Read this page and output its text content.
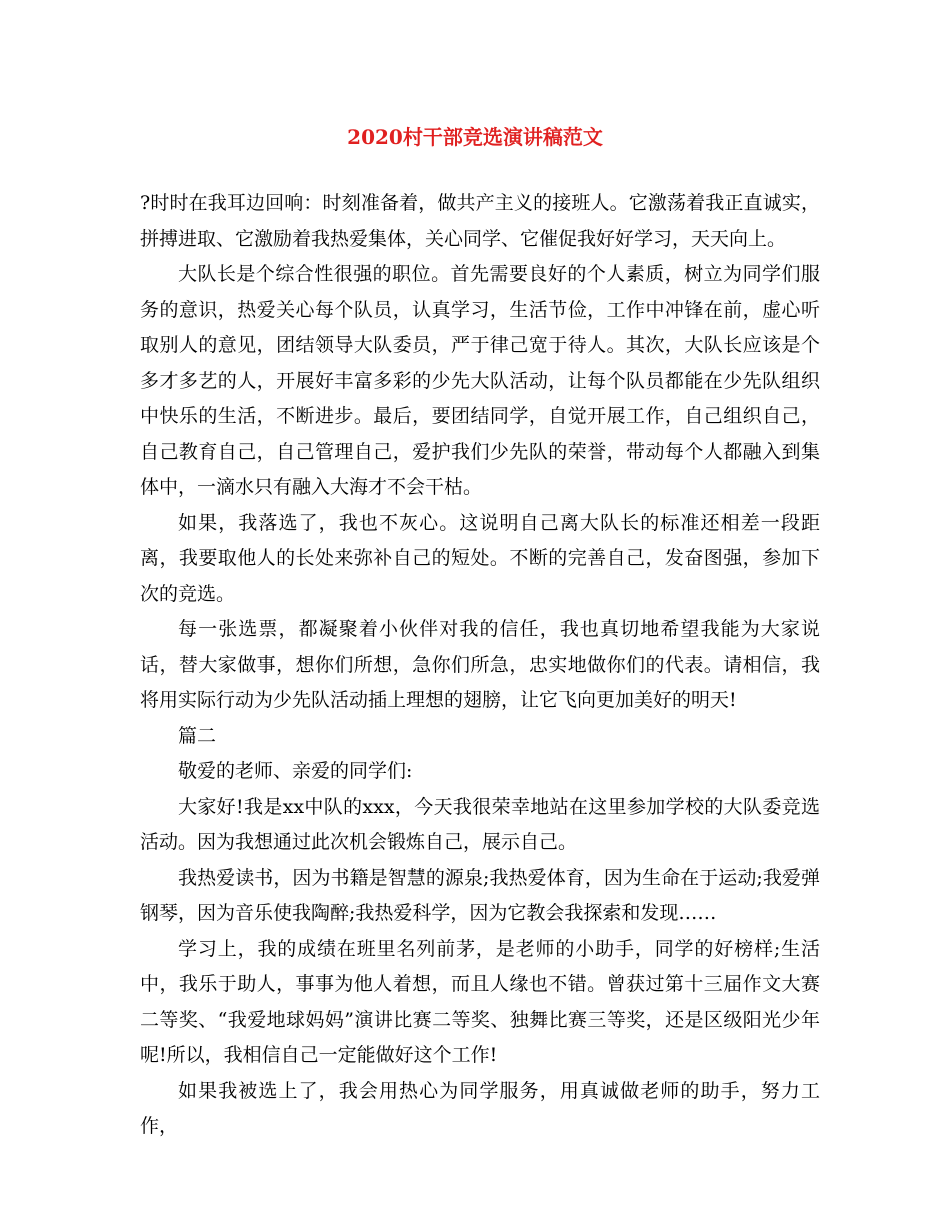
2020村干部竞选演讲稿范文

?时时在我耳边回响：时刻准备着，做共产主义的接班人。它激荡着我正直诚实，拼搏进取、它激励着我热爱集体，关心同学、它催促我好好学习，天天向上。

大队长是个综合性很强的职位。首先需要良好的个人素质，树立为同学们服务的意识，热爱关心每个队员，认真学习，生活节俭，工作中冲锋在前，虚心听取别人的意见，团结领导大队委员，严于律己宽于待人。其次，大队长应该是个多才多艺的人，开展好丰富多彩的少先大队活动，让每个队员都能在少先队组织中快乐的生活，不断进步。最后，要团结同学，自觉开展工作，自己组织自己，自己教育自己，自己管理自己，爱护我们少先队的荣誉，带动每个人都融入到集体中，一滴水只有融入大海才不会干枯。

如果，我落选了，我也不灰心。这说明自己离大队长的标准还相差一段距离，我要取他人的长处来弥补自己的短处。不断的完善自己，发奋图强，参加下次的竞选。

每一张选票，都凝聚着小伙伴对我的信任，我也真切地希望我能为大家说话，替大家做事，想你们所想，急你们所急，忠实地做你们的代表。请相信，我将用实际行动为少先队活动插上理想的翅膀，让它飞向更加美好的明天!

篇二

敬爱的老师、亲爱的同学们:

大家好!我是xx中队的xxx，今天我很荣幸地站在这里参加学校的大队委竞选活动。因为我想通过此次机会锻炼自己，展示自己。

我热爱读书，因为书籍是智慧的源泉;我热爱体育，因为生命在于运动;我爱弹钢琴，因为音乐使我陶醉;我热爱科学，因为它教会我探索和发现……

学习上，我的成绩在班里名列前茅，是老师的小助手，同学的好榜样;生活中，我乐于助人，事事为他人着想，而且人缘也不错。曾获过第十三届作文大赛二等奖、“我爱地球妈妈”演讲比赛二等奖、独舞比赛三等奖，还是区级阳光少年呢!所以，我相信自己一定能做好这个工作!

如果我被选上了，我会用热心为同学服务，用真诚做老师的助手，努力工作，
